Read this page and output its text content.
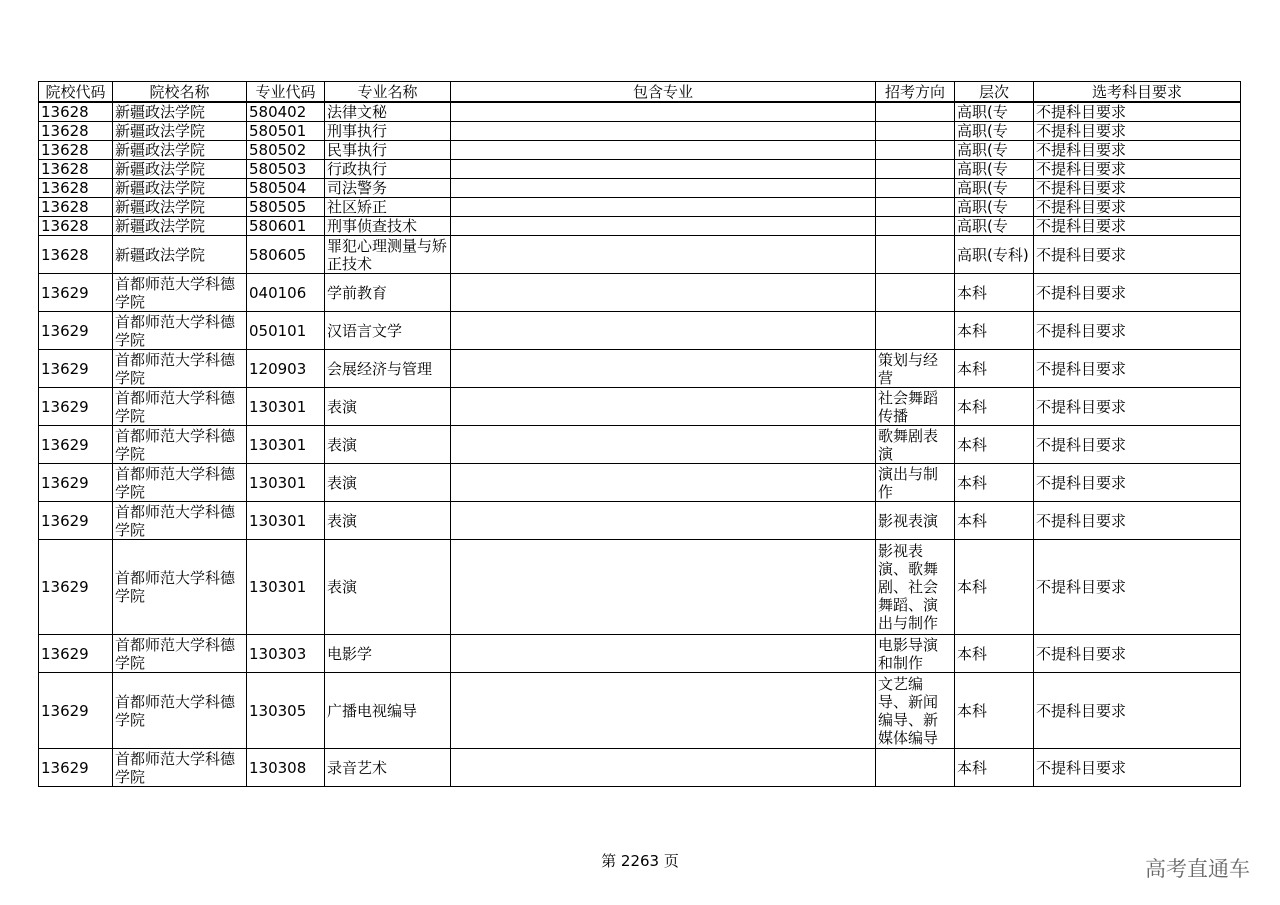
院校代码	院校名称	专业代码	专业名称	包含专业	招考方向	层次	选考科目要求
13628	新疆政法学院	580402	法律文秘			高职(专	不提科目要求
13628	新疆政法学院	580501	刑事执行			高职(专	不提科目要求
13628	新疆政法学院	580502	民事执行			高职(专	不提科目要求
13628	新疆政法学院	580503	行政执行			高职(专	不提科目要求
13628	新疆政法学院	580504	司法警务			高职(专	不提科目要求
13628	新疆政法学院	580505	社区矫正			高职(专	不提科目要求
13628	新疆政法学院	580601	刑事侦查技术			高职(专	不提科目要求
13628	新疆政法学院	580605	罪犯心理测量与矫正技术			高职(专科)	不提科目要求
13629	首都师范大学科德学院	040106	学前教育			本科	不提科目要求
13629	首都师范大学科德学院	050101	汉语言文学			本科	不提科目要求
13629	首都师范大学科德学院	120903	会展经济与管理		策划与经营	本科	不提科目要求
13629	首都师范大学科德学院	130301	表演		社会舞蹈传播	本科	不提科目要求
13629	首都师范大学科德学院	130301	表演		歌舞剧表演	本科	不提科目要求
13629	首都师范大学科德学院	130301	表演		演出与制作	本科	不提科目要求
13629	首都师范大学科德学院	130301	表演		影视表演	本科	不提科目要求
13629	首都师范大学科德学院	130301	表演		影视表演、歌舞剧、社会舞蹈、演出与制作	本科	不提科目要求
13629	首都师范大学科德学院	130303	电影学		电影导演和制作	本科	不提科目要求
13629	首都师范大学科德学院	130305	广播电视编导		文艺编导、新闻编导、新媒体编导	本科	不提科目要求
13629	首都师范大学科德学院	130308	录音艺术			本科	不提科目要求
第 2263 页	高考直通车
